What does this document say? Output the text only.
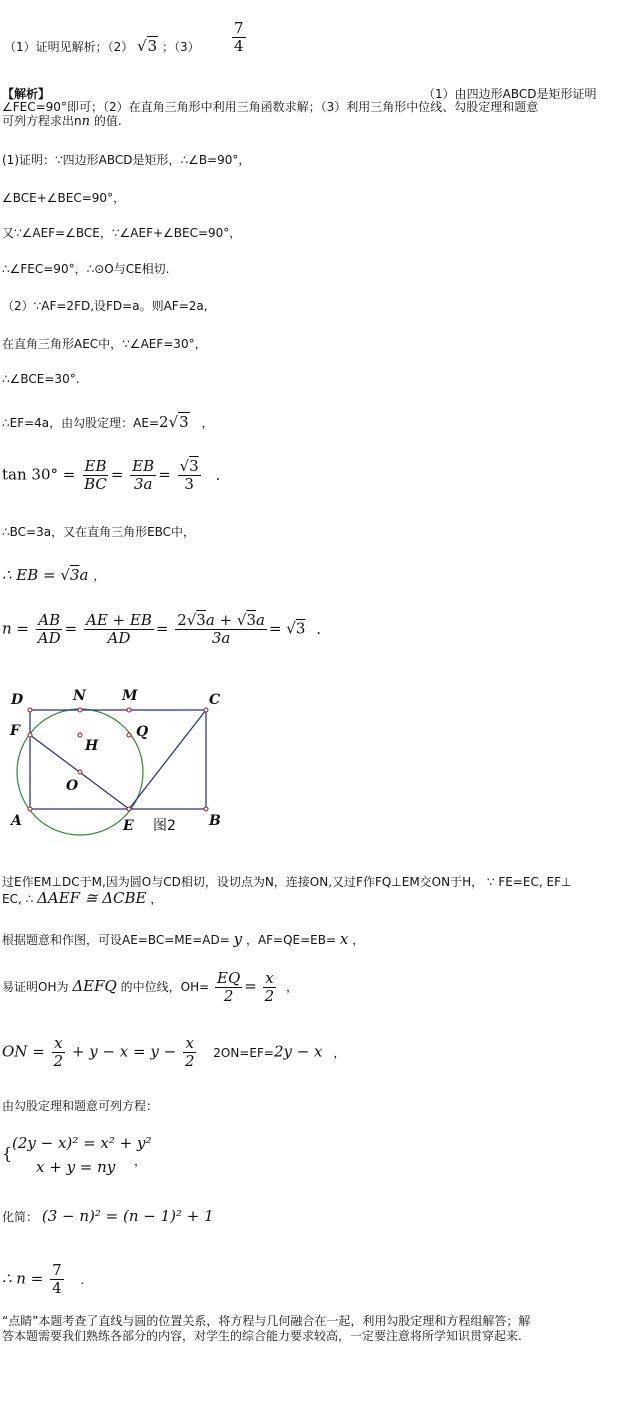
（1）证明见解析；（2） √3 ；$(3) \frac{7}{4}$
【解析】	（1）由四边形ABCD是矩形证明
∠FEC=90°即可；（2）在直角三角形中利用三角函数求解；（3）利用三角形中位线、勾股定理和题意
可列方程求出nn 的值.
(1)证明：∵四边形ABCD是矩形，∴∠B=90°，
∠BCE+∠BEC=90°，
又∵∠AEF=∠BCE，∵∠AEF+∠BEC=90°，
∴∠FEC=90°，∴⊙O与CE相切.
（2）∵AF=2FD,设FD=a。则AF=2a,
在直角三角形AEC中，∵∠AEF=30°，
∴∠BCE=30°.
∴EF=4a，由勾股定理：AE=2√3 ，
$\tan 30^\circ = \frac{EB}{BC} = \frac{EB}{3a} = \frac{√3}{3}$ .
∴BC=3a，又在直角三角形EBC中，
∴ EB = √3a ，
$n = \frac{AB}{AD} = \frac{AE + EB}{AD} = \frac{2√3a + √3a}{3a} = √3$ .
D	N	M	C
F
H
Q
O
A	E	B
图2
过E作EM⊥DC于M,因为圆O与CD相切，设切点为N，连接ON,又过F作FQ⊥EM交ON于H， ∵ FE=EC, EF⊥
EC, ∴ ΔAEF ≅ ΔCBE ，
根据题意和作图，可设AE=BC=ME=AD= y ，AF=QE=EB= x ，
易证明OH为 ΔEFQ 的中位线，$OH= \frac{EQ}{2} = \frac{x}{2}$ ，
ON = $\frac{x}{2} + y - x = y - \frac{x}{2} 2ON=EF=2y - x$ ，
由勾股定理和题意可列方程：
{
(2y − x)² = x² + y²
x + y = ny ，
化简： (3 − n)² = (n − 1)² + 1
∴ $n = \frac{7}{4}$ .
“点睛”本题考查了直线与圆的位置关系，将方程与几何融合在一起，利用勾股定理和方程组解答；解
答本题需要我们熟练各部分的内容，对学生的综合能力要求较高，一定要注意将所学知识贯穿起来.
